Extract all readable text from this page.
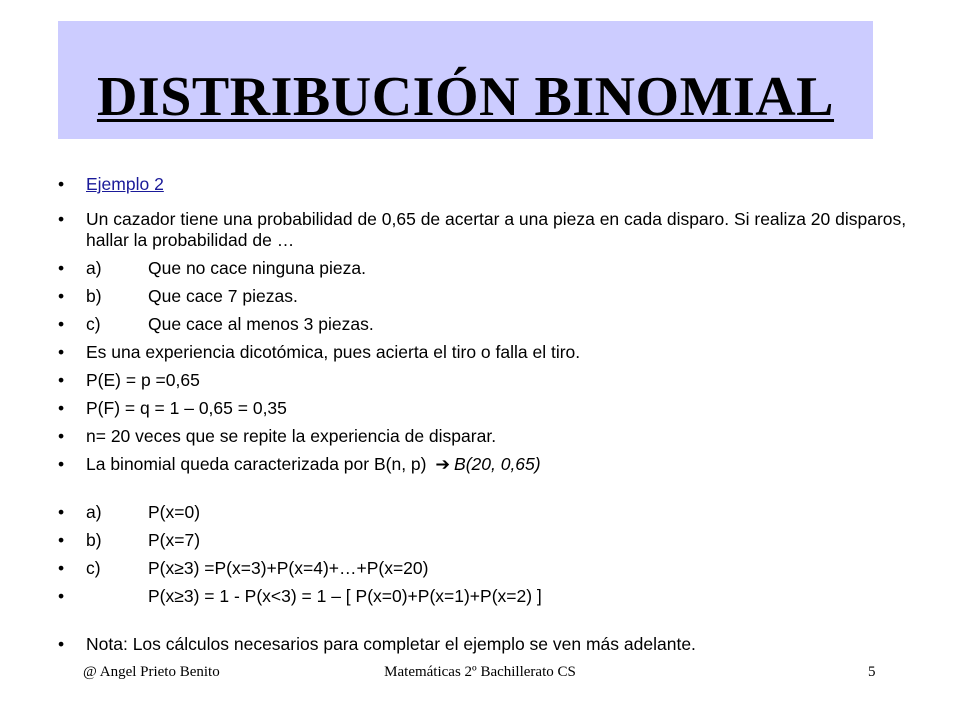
DISTRIBUCIÓN BINOMIAL
• Ejemplo 2
• Un cazador tiene una probabilidad de 0,65 de acertar a una pieza en cada disparo. Si realiza 20 disparos, hallar la probabilidad de …
• a)	Que no cace ninguna pieza.
• b)	Que cace 7 piezas.
• c)	Que cace al menos 3 piezas.
• Es una experiencia dicotómica, pues acierta el tiro o falla el tiro.
• P(E) = p =0,65
• P(F) = q = 1 – 0,65 = 0,35
• n= 20 veces que se repite la experiencia de disparar.
• La binomial queda caracterizada por B(n, p) ➔ B(20, 0,65)
• a)	P(x=0)
• b)	P(x=7)
• c)	P(x≥3) =P(x=3)+P(x=4)+…+P(x=20)
• P(x≥3) = 1 - P(x<3) = 1 – [ P(x=0)+P(x=1)+P(x=2) ]
• Nota: Los cálculos necesarios para completar el ejemplo se ven más adelante.
@ Angel Prieto Benito	Matemáticas 2º Bachillerato CS	5
